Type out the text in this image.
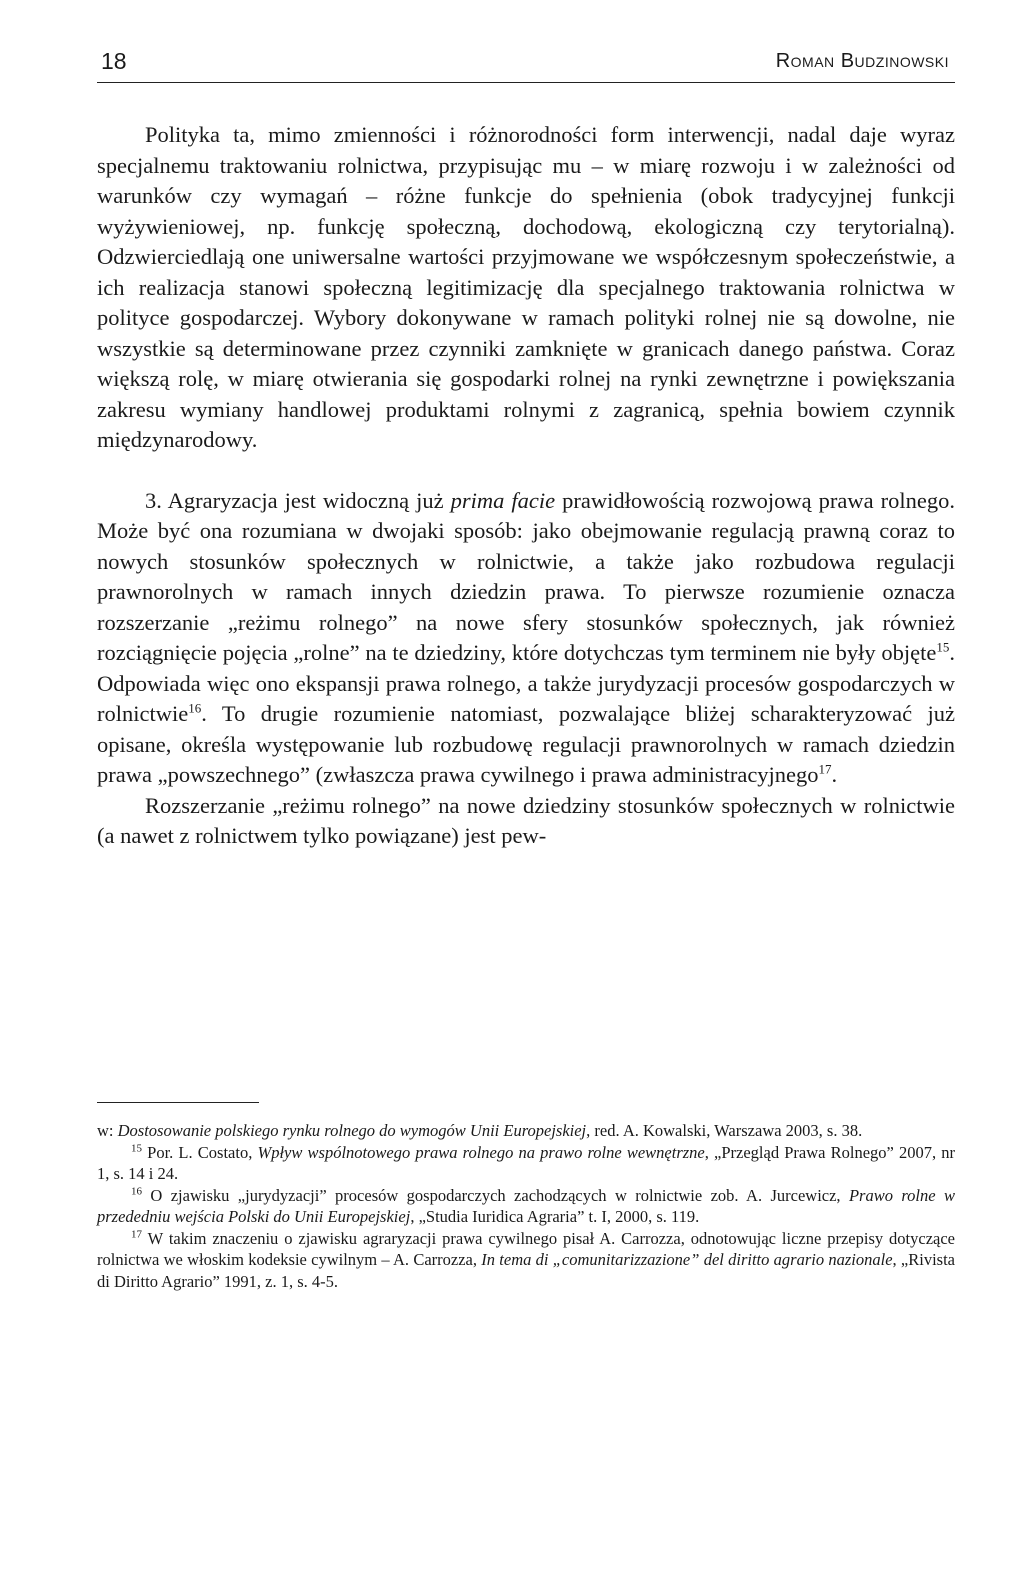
18	Roman Budzinowski

Polityka ta, mimo zmienności i różnorodności form interwencji, nadal daje wyraz specjalnemu traktowaniu rolnictwa, przypisując mu – w miarę rozwoju i w zależności od warunków czy wymagań – różne funkcje do spełnienia (obok tradycyjnej funkcji wyżywieniowej, np. funkcję społeczną, dochodową, ekologiczną czy terytorialną). Odzwierciedlają one uniwersalne wartości przyjmowane we współczesnym społeczeństwie, a ich realizacja stanowi społeczną legitimizację dla specjalnego traktowania rolnictwa w polityce gospodarczej. Wybory dokonywane w ramach polityki rolnej nie są dowolne, nie wszystkie są determinowane przez czynniki zamknięte w granicach danego państwa. Coraz większą rolę, w miarę otwierania się gospodarki rolnej na rynki zewnętrzne i powiększania zakresu wymiany handlowej produktami rolnymi z zagranicą, spełnia bowiem czynnik międzynarodowy.

3. Agraryzacja jest widoczną już prima facie prawidłowością rozwojową prawa rolnego. Może być ona rozumiana w dwojaki sposób: jako obejmowanie regulacją prawną coraz to nowych stosunków społecznych w rolnictwie, a także jako rozbudowa regulacji prawnorolnych w ramach innych dziedzin prawa. To pierwsze rozumienie oznacza rozszerzanie „reżimu rolnego” na nowe sfery stosunków społecznych, jak również rozciągnięcie pojęcia „rolne” na te dziedziny, które dotychczas tym terminem nie były objęte$^{15}$. Odpowiada więc ono ekspansji prawa rolnego, a także jurydyzacji procesów gospodarczych w rolnictwie$^{16}$. To drugie rozumienie natomiast, pozwalające bliżej scharakteryzować już opisane, określa występowanie lub rozbudowę regulacji prawnorolnych w ramach dziedzin prawa „powszechnego” (zwłaszcza prawa cywilnego i prawa administracyjnego$^{17}$.

Rozszerzanie „reżimu rolnego” na nowe dziedziny stosunków społecznych w rolnictwie (a nawet z rolnictwem tylko powiązane) jest pew-

w: Dostosowanie polskiego rynku rolnego do wymogów Unii Europejskiej, red. A. Kowalski, Warszawa 2003, s. 38.

$^{15}$ Por. L. Costato, Wpływ wspólnotowego prawa rolnego na prawo rolne wewnętrzne, „Przegląd Prawa Rolnego” 2007, nr 1, s. 14 i 24.

$^{16}$ O zjawisku „jurydyzacji” procesów gospodarczych zachodzących w rolnictwie zob. A. Jurcewicz, Prawo rolne w przededniu wejścia Polski do Unii Europejskiej, „Studia Iuridica Agraria” t. I, 2000, s. 119.

$^{17}$ W takim znaczeniu o zjawisku agraryzacji prawa cywilnego pisał A. Carrozza, odnotowując liczne przepisy dotyczące rolnictwa we włoskim kodeksie cywilnym – A. Carrozza, In tema di „comunitarizzazione” del diritto agrario nazionale, „Rivista di Diritto Agrario” 1991, z. 1, s. 4-5.
